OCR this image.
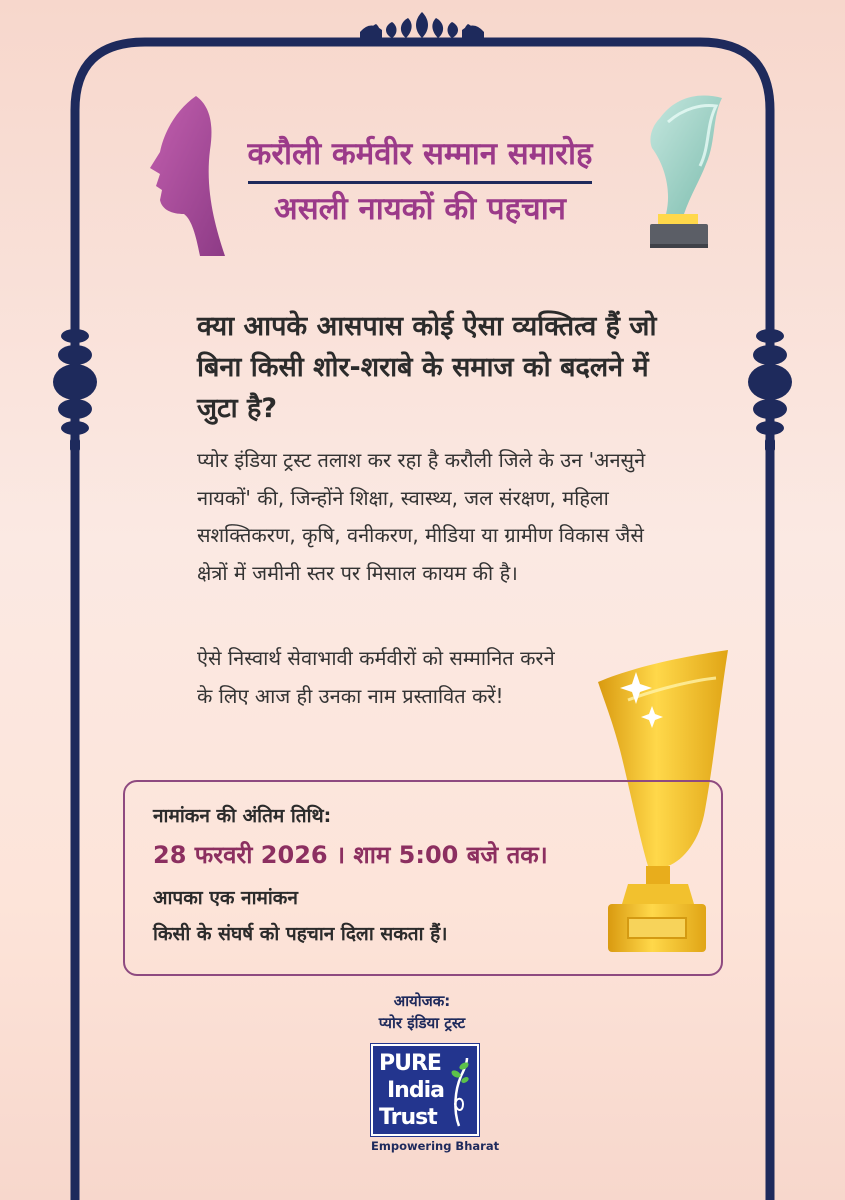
करौली कर्मवीर सम्मान समारोह
असली नायकों की पहचान
क्या आपके आसपास कोई ऐसा व्यक्तित्व हैं जो बिना किसी शोर-शराबे के समाज को बदलने में जुटा है?
प्योर इंडिया ट्रस्ट तलाश कर रहा है करौली जिले के उन 'अनसुने नायकों' की, जिन्होंने शिक्षा, स्वास्थ्य, जल संरक्षण, महिला सशक्तिकरण, कृषि, वनीकरण, मीडिया या ग्रामीण विकास जैसे क्षेत्रों में जमीनी स्तर पर मिसाल कायम की है।
ऐसे निस्वार्थ सेवाभावी कर्मवीरों को सम्मानित करने के लिए आज ही उनका नाम प्रस्तावित करें!
नामांकन की अंतिम तिथि:
28 फरवरी 2026 । शाम 5:00 बजे तक।
आपका एक नामांकन
किसी के संघर्ष को पहचान दिला सकता हैं।
आयोजक:
प्योर इंडिया ट्रस्ट
PURE
India
Trust
Empowering Bharat
